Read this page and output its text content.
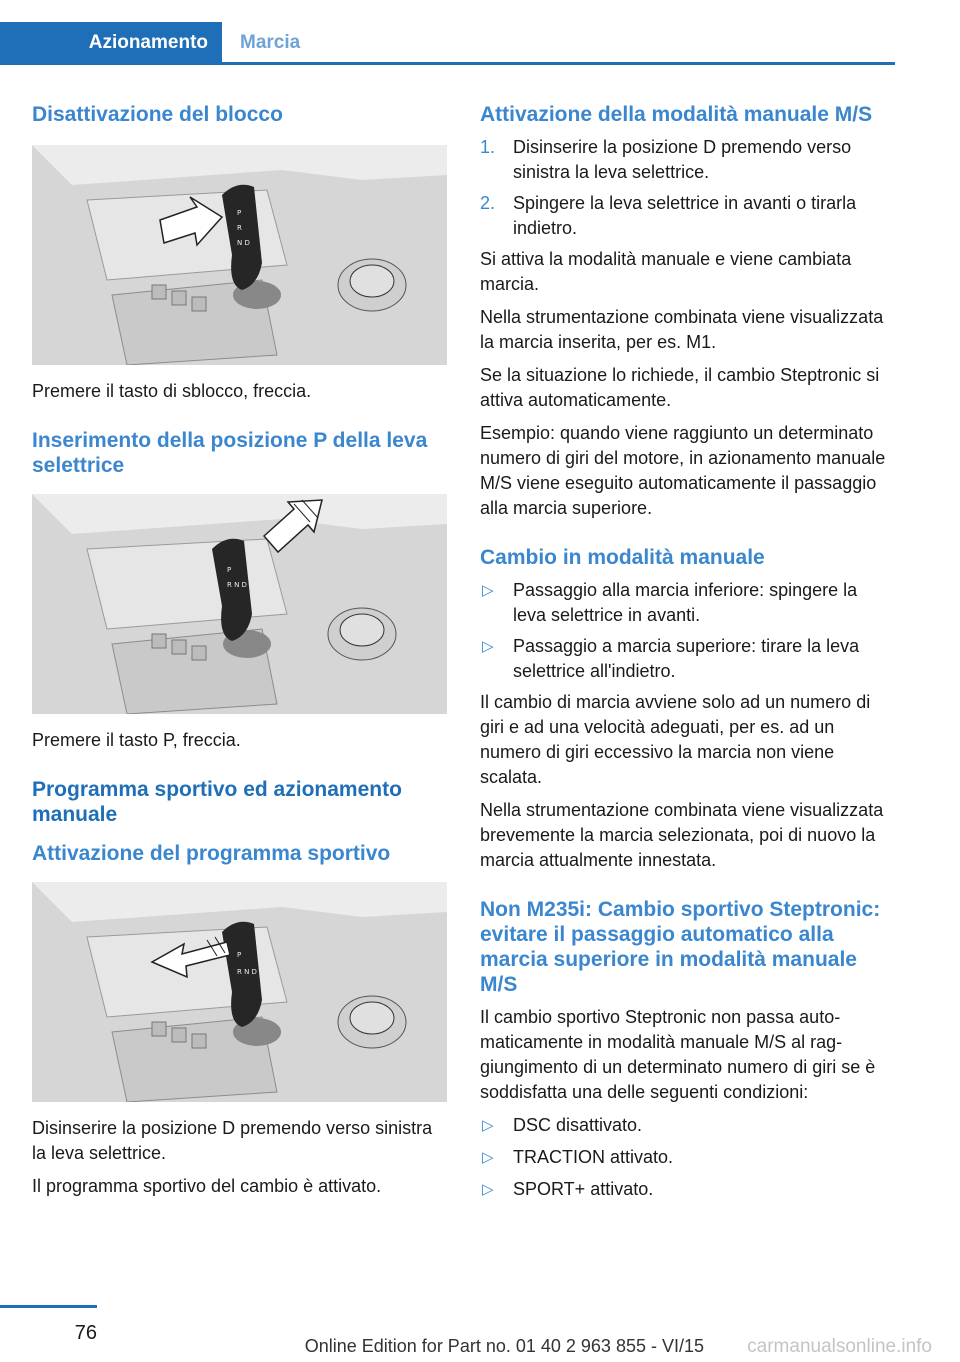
Azionamento	Marcia
Disattivazione del blocco
P
R
N D

Premere il tasto di sblocco, freccia.

Inserimento della posizione P della leva selettrice
P
R N D

Premere il tasto P, freccia.

Programma sportivo ed azionamento manuale
Attivazione del programma sportivo
P
R N D

Disinserire la posizione D premendo verso sinistra la leva selettrice.

Il programma sportivo del cambio è attivato.

Attivazione della modalità manuale M/S
1. Disinserire la posizione D premendo verso sinistra la leva selettrice.
2. Spingere la leva selettrice in avanti o tirarla indietro.

Si attiva la modalità manuale e viene cambiata marcia.

Nella strumentazione combinata viene visualizzata la marcia inserita, per es. M1.

Se la situazione lo richiede, il cambio Steptronic si attiva automaticamente.

Esempio: quando viene raggiunto un determinato numero di giri del motore, in azionamento manuale M/S viene eseguito automaticamente il passaggio alla marcia superiore.

Cambio in modalità manuale
▷ Passaggio alla marcia inferiore: spingere la leva selettrice in avanti.
▷ Passaggio a marcia superiore: tirare la leva selettrice all'indietro.

Il cambio di marcia avviene solo ad un numero di giri e ad una velocità adeguati, per es. ad un numero di giri eccessivo la marcia non viene scalata.

Nella strumentazione combinata viene visualizzata brevemente la marcia selezionata, poi di nuovo la marcia attualmente innestata.

Non M235i: Cambio sportivo Steptronic: evitare il passaggio automatico alla marcia superiore in modalità manuale M/S

Il cambio sportivo Steptronic non passa automaticamente in modalità manuale M/S al raggiungimento di un determinato numero di giri se è soddisfatta una delle seguenti condizioni:

▷ DSC disattivato.
▷ TRACTION attivato.
▷ SPORT+ attivato.
76
Online Edition for Part no. 01 40 2 963 855 - VI/15 carmanualsonline.info
